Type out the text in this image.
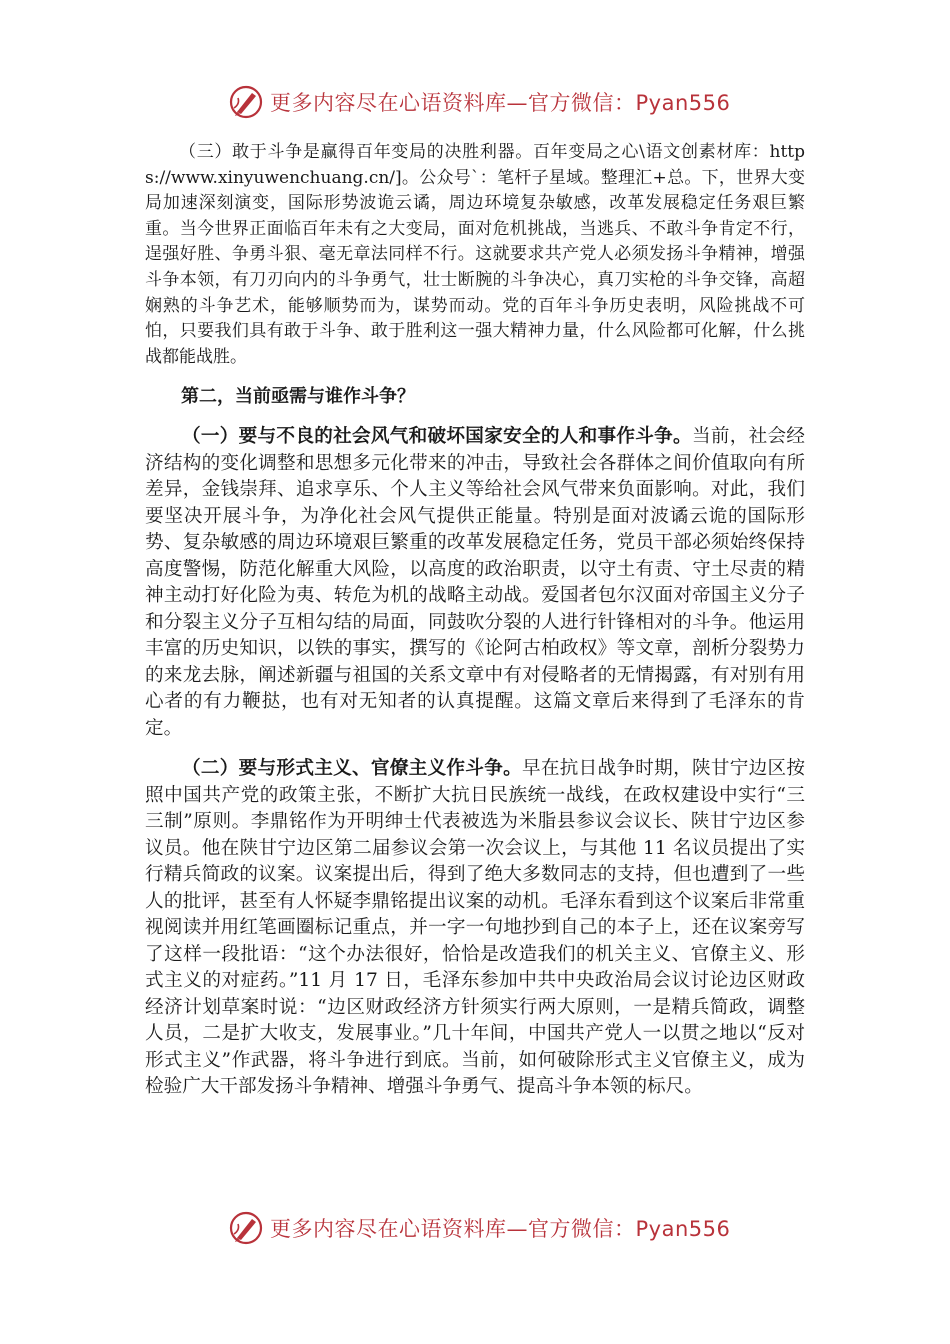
更多内容尽在心语资料库—官方微信：Pyan556

（三）敢于斗争是赢得百年变局的决胜利器。百年变局之心\语文创素材库：https://www.xinyuwenchuang.cn/]。公众号`：笔杆子星域。整理汇+总。下，世界大变局加速深刻演变，国际形势波诡云谲，周边环境复杂敏感，改革发展稳定任务艰巨繁重。当今世界正面临百年未有之大变局，面对危机挑战，当逃兵、不敢斗争肯定不行，逞强好胜、争勇斗狠、毫无章法同样不行。这就要求共产党人必须发扬斗争精神，增强斗争本领，有刀刃向内的斗争勇气，壮士断腕的斗争决心，真刀实枪的斗争交锋，高超娴熟的斗争艺术，能够顺势而为，谋势而动。党的百年斗争历史表明，风险挑战不可怕，只要我们具有敢于斗争、敢于胜利这一强大精神力量，什么风险都可化解，什么挑战都能战胜。

第二，当前亟需与谁作斗争？

（一）要与不良的社会风气和破坏国家安全的人和事作斗争。当前，社会经济结构的变化调整和思想多元化带来的冲击，导致社会各群体之间价值取向有所差异，金钱崇拜、追求享乐、个人主义等给社会风气带来负面影响。对此，我们要坚决开展斗争，为净化社会风气提供正能量。特别是面对波谲云诡的国际形势、复杂敏感的周边环境艰巨繁重的改革发展稳定任务，党员干部必须始终保持高度警惕，防范化解重大风险，以高度的政治职责，以守土有责、守土尽责的精神主动打好化险为夷、转危为机的战略主动战。爱国者包尔汉面对帝国主义分子和分裂主义分子互相勾结的局面，同鼓吹分裂的人进行针锋相对的斗争。他运用丰富的历史知识，以铁的事实，撰写的《论阿古柏政权》等文章，剖析分裂势力的来龙去脉，阐述新疆与祖国的关系文章中有对侵略者的无情揭露，有对别有用心者的有力鞭挞，也有对无知者的认真提醒。这篇文章后来得到了毛泽东的肯定。

（二）要与形式主义、官僚主义作斗争。早在抗日战争时期，陕甘宁边区按照中国共产党的政策主张，不断扩大抗日民族统一战线，在政权建设中实行“三三制”原则。李鼎铭作为开明绅士代表被选为米脂县参议会议长、陕甘宁边区参议员。他在陕甘宁边区第二届参议会第一次会议上，与其他 11 名议员提出了实行精兵简政的议案。议案提出后，得到了绝大多数同志的支持，但也遭到了一些人的批评，甚至有人怀疑李鼎铭提出议案的动机。毛泽东看到这个议案后非常重视阅读并用红笔画圈标记重点，并一字一句地抄到自己的本子上，还在议案旁写了这样一段批语：“这个办法很好，恰恰是改造我们的机关主义、官僚主义、形式主义的对症药。”11 月 17 日，毛泽东参加中共中央政治局会议讨论边区财政经济计划草案时说：“边区财政经济方针须实行两大原则，一是精兵简政，调整人员，二是扩大收支，发展事业。”几十年间，中国共产党人一以贯之地以“反对形式主义”作武器，将斗争进行到底。当前，如何破除形式主义官僚主义，成为检验广大干部发扬斗争精神、增强斗争勇气、提高斗争本领的标尺。

更多内容尽在心语资料库—官方微信：Pyan556
